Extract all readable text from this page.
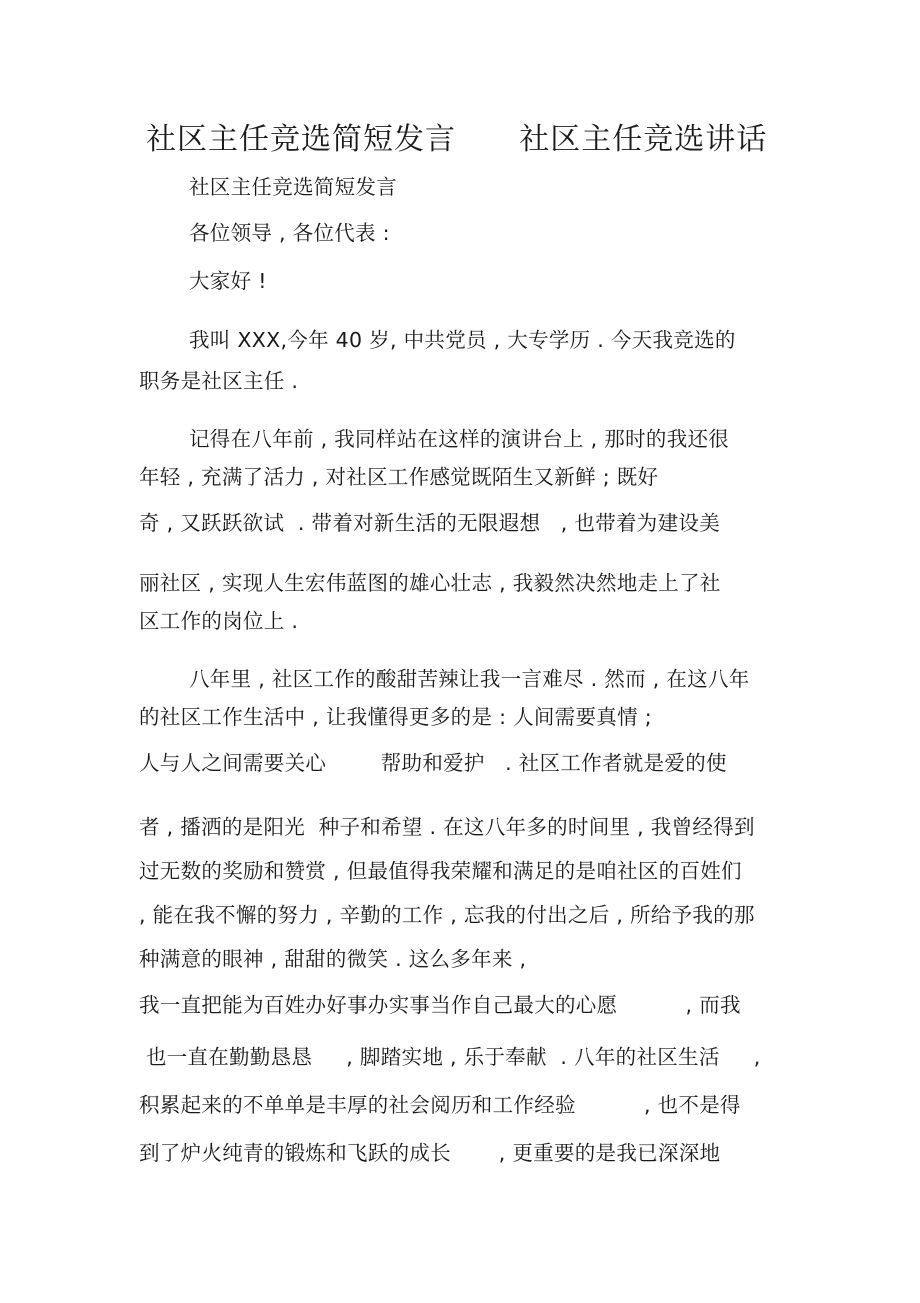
社区主任竞选简短发言      社区主任竞选讲话
社区主任竞选简短发言
各位领导 , 各位代表 :
大家好 !
我叫 XXX,今年 40 岁, 中共党员 , 大专学历 . 今天我竞选的
职务是社区主任 .
记得在八年前 , 我同样站在这样的演讲台上 , 那时的我还很
年轻 , 充满了活力 , 对社区工作感觉既陌生又新鲜 ; 既好
奇 , 又跃跃欲试  . 带着对新生活的无限遐想   , 也带着为建设美
丽社区 , 实现人生宏伟蓝图的雄心壮志 , 我毅然决然地走上了社
区工作的岗位上 .
八年里 , 社区工作的酸甜苦辣让我一言难尽 . 然而 , 在这八年
的社区工作生活中 , 让我懂得更多的是 : 人间需要真情 ;
人与人之间需要关心        帮助和爱护   . 社区工作者就是爱的使
者 , 播洒的是阳光  种子和希望 . 在这八年多的时间里 , 我曾经得到
过无数的奖励和赞赏 , 但最值得我荣耀和满足的是咱社区的百姓们
, 能在我不懈的努力 , 辛勤的工作 , 忘我的付出之后 , 所给予我的那
种满意的眼神 , 甜甜的微笑 . 这么多年来 ,
我一直把能为百姓办好事办实事当作自己最大的心愿          , 而我
也一直在勤勤恳恳     , 脚踏实地 , 乐于奉献  . 八年的社区生活     ,
积累起来的不单单是丰厚的社会阅历和工作经验          , 也不是得
到了炉火纯青的锻炼和飞跃的成长       , 更重要的是我已深深地
